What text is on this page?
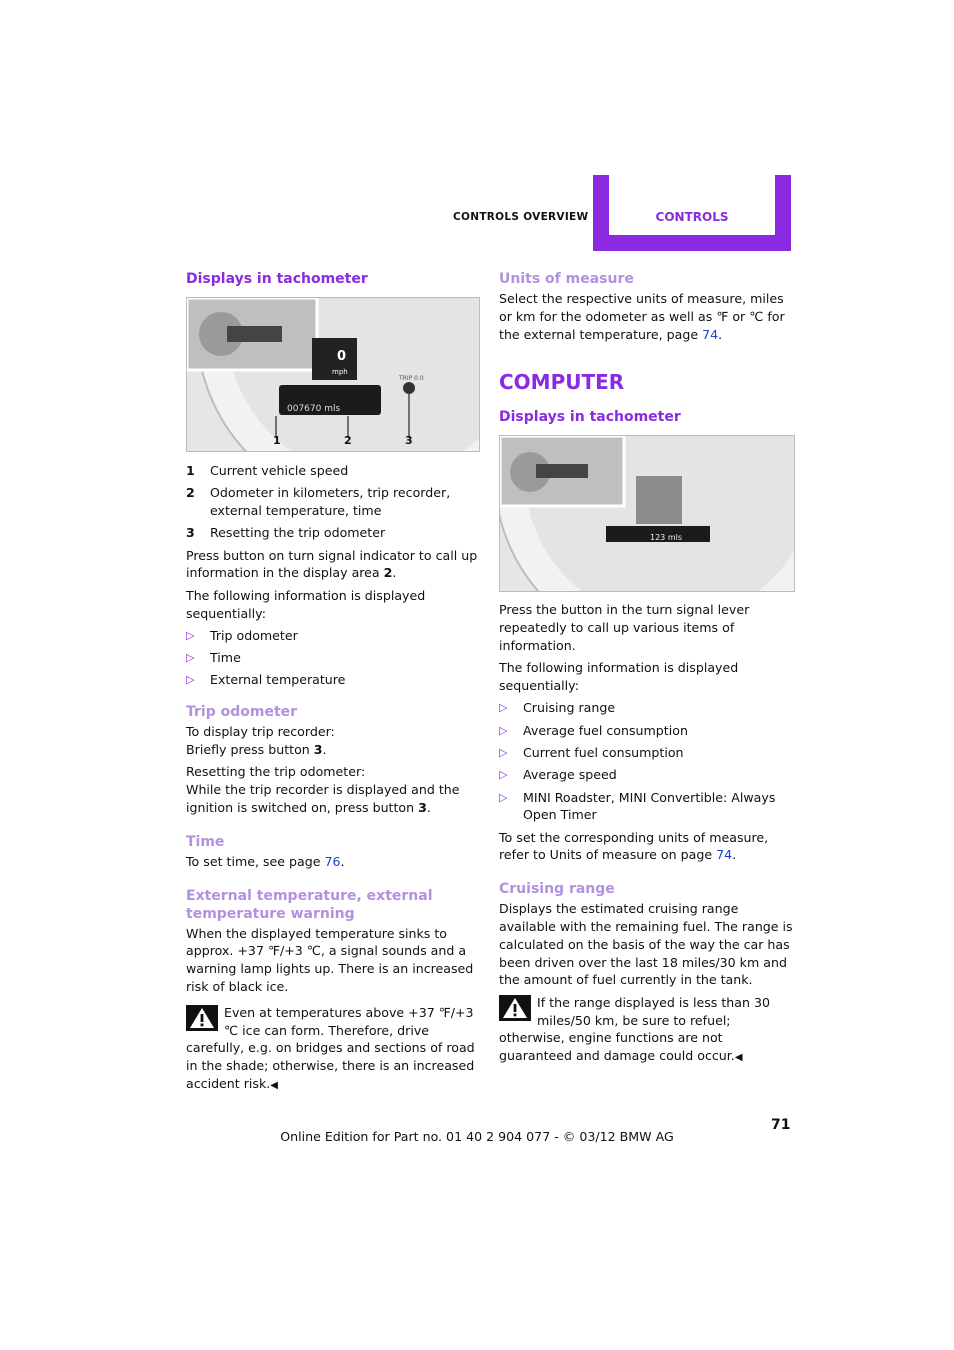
CONTROLS OVERVIEW	CONTROLS
Displays in tachometer
0
mph
007670 mls
TRIP 0.0
1	2	3
1	Current vehicle speed
2	Odometer in kilometers, trip recorder, external temperature, time
3	Resetting the trip odometer

Press button on turn signal indicator to call up information in the display area 2.

The following information is displayed sequentially:

▷	Trip odometer
▷	Time
▷	External temperature
Trip odometer

To display trip recorder:
Briefly press button 3.

Resetting the trip odometer:
While the trip recorder is displayed and the ignition is switched on, press button 3.

Time

To set time, see page 76.

External temperature, external temperature warning

When the displayed temperature sinks to approx. +37 ℉/+3 ℃, a signal sounds and a warning lamp lights up. There is an increased risk of black ice.

Even at temperatures above +37 ℉/+3 ℃ ice can form. Therefore, drive carefully, e.g. on bridges and sections of road in the shade; otherwise, there is an increased accident risk.◀
Units of measure

Select the respective units of measure, miles or km for the odometer as well as ℉ or ℃ for the external temperature, page 74.

COMPUTER
Displays in tachometer
123 mls

Press the button in the turn signal lever repeatedly to call up various items of information.

The following information is displayed sequentially:

▷	Cruising range
▷	Average fuel consumption
▷	Current fuel consumption
▷	Average speed
▷	MINI Roadster, MINI Convertible: Always Open Timer

To set the corresponding units of measure, refer to Units of measure on page 74.

Cruising range

Displays the estimated cruising range available with the remaining fuel. The range is calculated on the basis of the way the car has been driven over the last 18 miles/30 km and the amount of fuel currently in the tank.

If the range displayed is less than 30 miles/50 km, be sure to refuel; otherwise, engine functions are not guaranteed and damage could occur.◀
71
Online Edition for Part no. 01 40 2 904 077 - © 03/12 BMW AG
